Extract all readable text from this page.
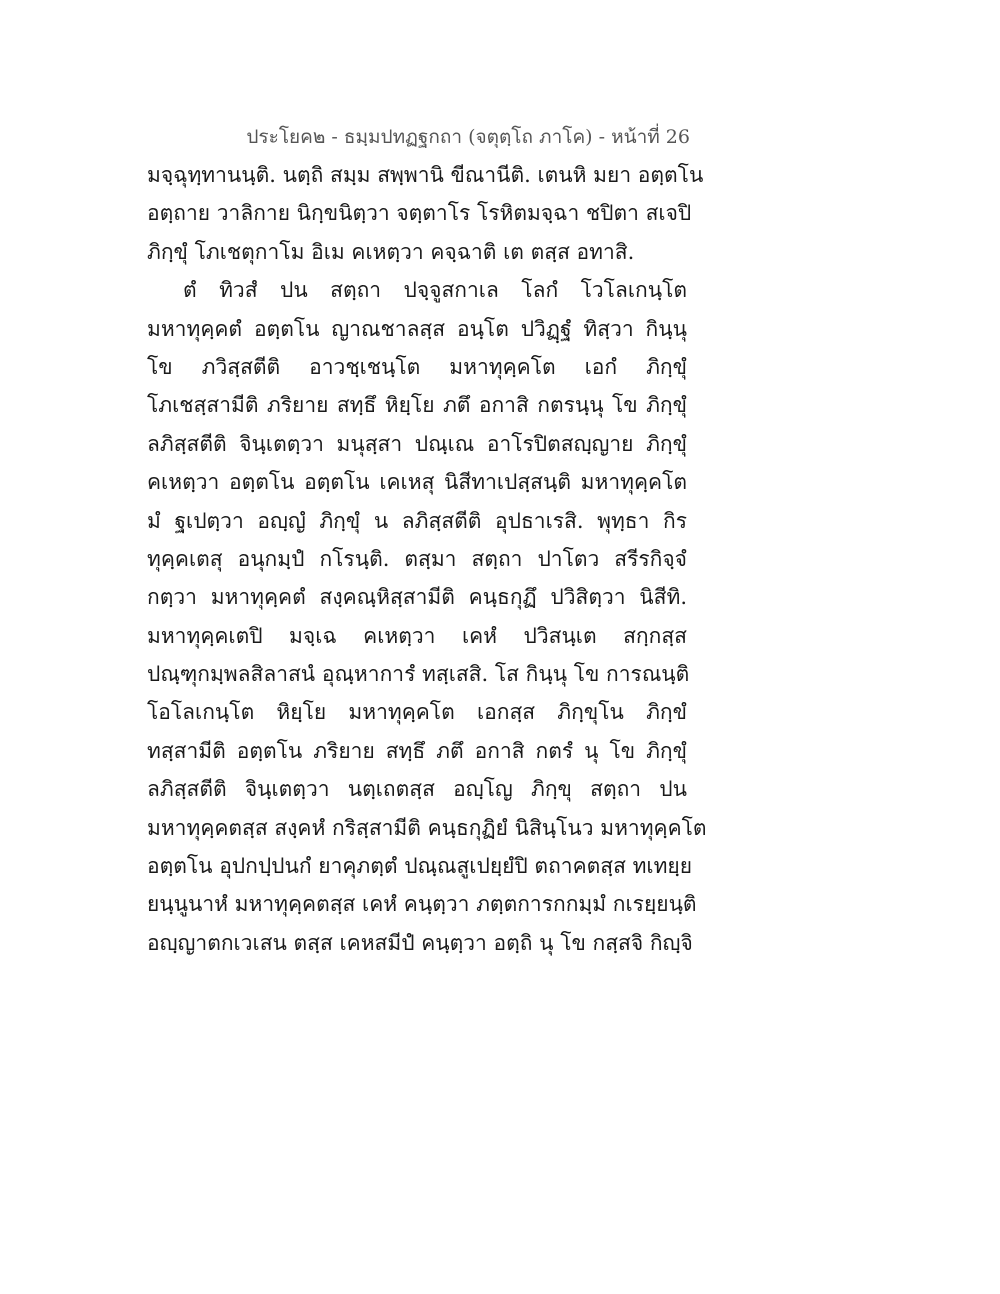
ประโยค๒ - ธมฺมปทฏฐกถา (จตุตฺโถ ภาโค) - หน้าที่ 26
มจฺฉุทฺทานนฺติ. นตฺถิ สมฺม สพฺพานิ ขีณานีติ. เตนหิ มยา อตฺตโน
อตฺถาย วาลิกาย นิกฺขนิตฺวา จตฺตาโร โรหิตมจฺฉา ชปิตา สเจปิ
ภิกฺขุํ โภเชตุกาโม อิเม คเหตฺวา คจฺฉาติ เต ตสฺส อทาสิ.
ตํ ทิวสํ ปน สตฺถา ปจฺจูสกาเล โลกํ โวโลเกนฺโต
มหาทุคฺคตํ อตฺตโน ญาณชาลสฺส อนฺโต ปวิฏฺฐํ ทิสฺวา กินฺนุ
โข ภวิสฺสตีติ อาวชฺเชนฺโต มหาทุคฺคโต เอกํ ภิกฺขุํ
โภเชสฺสามีติ ภริยาย สทฺธึ หิยฺโย ภตึ อกาสิ กตรนฺนุ โข ภิกฺขุํ
ลภิสฺสตีติ จินฺเตตฺวา มนุสฺสา ปณฺเณ อาโรปิตสญฺญาย ภิกฺขุํ
คเหตฺวา อตฺตโน อตฺตโน เคเหสุ นิสีทาเปสฺสนฺติ มหาทุคฺคโต
มํ ฐเปตฺวา อญฺญํ ภิกฺขุํ น ลภิสฺสตีติ อุปธาเรสิ. พุทฺธา กิร
ทุคฺคเตสุ อนุกมฺปํ กโรนฺติ. ตสฺมา สตฺถา ปาโตว สรีรกิจฺจํ
กตฺวา มหาทุคฺคตํ สงฺคณฺหิสฺสามีติ คนฺธกุฏึ ปวิสิตฺวา นิสีทิ.
มหาทุคฺคเตปิ มจฺเฉ คเหตฺวา เคหํ ปวิสนฺเต สกฺกสฺส
ปณฺฑุกมฺพลสิลาสนํ อุณฺหาการํ ทสฺเสสิ. โส กินฺนุ โข การณนฺติ
โอโลเกนฺโต หิยฺโย มหาทุคฺคโต เอกสฺส ภิกฺขุโน ภิกฺขํ
ทสฺสามีติ อตฺตโน ภริยาย สทฺธึ ภตึ อกาสิ กตรํ นุ โข ภิกฺขุํ
ลภิสฺสตีติ จินฺเตตฺวา นตฺเถตสฺส อญฺโญ ภิกฺขุ สตฺถา ปน
มหาทุคฺคตสฺส สงฺคหํ กริสฺสามีติ คนฺธกุฏิยํ นิสินฺโนว มหาทุคฺคโต
อตฺตโน อุปกปฺปนกํ ยาคุภตฺตํ ปณฺณสูเปยฺยํปิ ตถาคตสฺส ทเทยฺย
ยนฺนูนาหํ มหาทุคฺคตสฺส เคหํ คนฺตฺวา ภตฺตการกกมฺมํ กเรยฺยนฺติ
อญฺญาตกเวเสน ตสฺส เคหสมีปํ คนฺตฺวา อตฺถิ นุ โข กสฺสจิ กิญฺจิ
